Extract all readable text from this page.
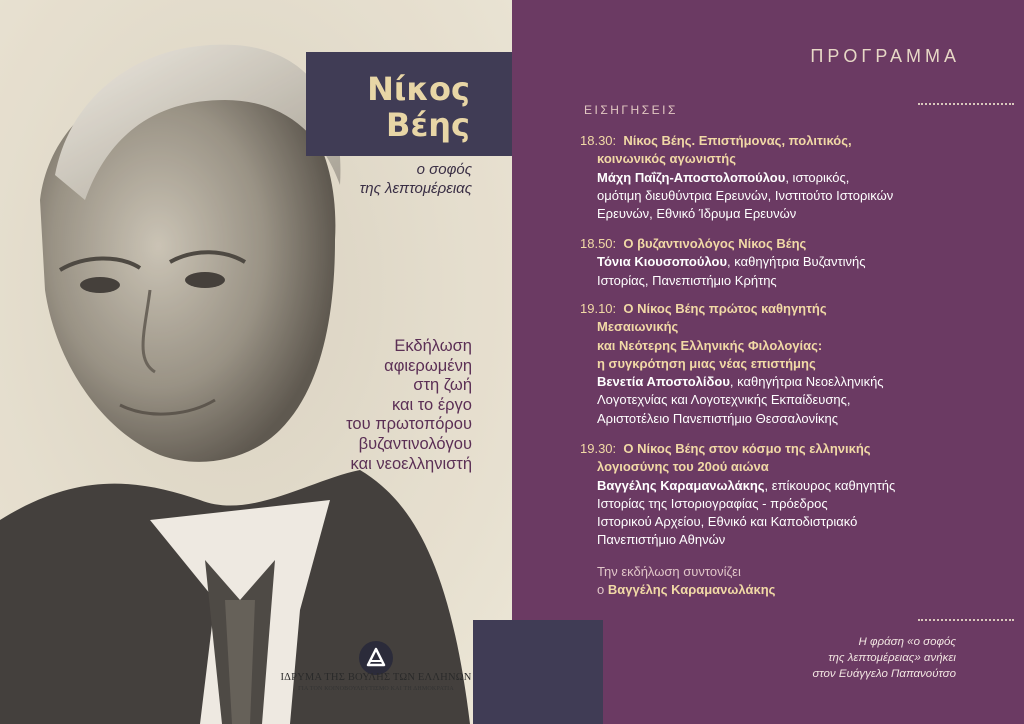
Νίκος
Βέης
ο σοφός
της λεπτομέρειας
Εκδήλωση
αφιερωμένη
στη ζωή
και το έργο
του πρωτοπόρου
βυζαντινολόγου
και νεοελληνιστή
ΙΔΡΥΜΑ ΤΗΣ ΒΟΥΛΗΣ ΤΩΝ ΕΛΛΗΝΩΝ
ΓΙΑ ΤΟΝ ΚΟΙΝΟΒΟΥΛΕΥΤΙΣΜΟ ΚΑΙ ΤΗ ΔΗΜΟΚΡΑΤΙΑ
ΠΡΟΓΡΑΜΜΑ
ΕΙΣΗΓΗΣΕΙΣ
18.30: Νίκος Βέης. Επιστήμονας, πολιτικός,
κοινωνικός αγωνιστής
Μάχη Παΐζη-Αποστολοπούλου, ιστορικός,
ομότιμη διευθύντρια Ερευνών, Ινστιτούτο Ιστορικών
Ερευνών, Εθνικό Ίδρυμα Ερευνών
18.50: Ο βυζαντινολόγος Νίκος Βέης
Τόνια Κιουσοπούλου, καθηγήτρια Βυζαντινής
Ιστορίας, Πανεπιστήμιο Κρήτης
19.10: Ο Νίκος Βέης πρώτος καθηγητής
Μεσαιωνικής
και Νεότερης Ελληνικής Φιλολογίας:
η συγκρότηση μιας νέας επιστήμης
Βενετία Αποστολίδου, καθηγήτρια Νεοελληνικής
Λογοτεχνίας και Λογοτεχνικής Εκπαίδευσης,
Αριστοτέλειο Πανεπιστήμιο Θεσσαλονίκης
19.30: Ο Νίκος Βέης στον κόσμο της ελληνικής
λογιοσύνης του 20ού αιώνα
Βαγγέλης Καραμανωλάκης, επίκουρος καθηγητής
Ιστορίας της Ιστοριογραφίας - πρόεδρος
Ιστορικού Αρχείου, Εθνικό και Καποδιστριακό
Πανεπιστήμιο Αθηνών
Την εκδήλωση συντονίζει
ο Βαγγέλης Καραμανωλάκης
Η φράση «ο σοφός
της λεπτομέρειας» ανήκει
στον Ευάγγελο Παπανούτσο
